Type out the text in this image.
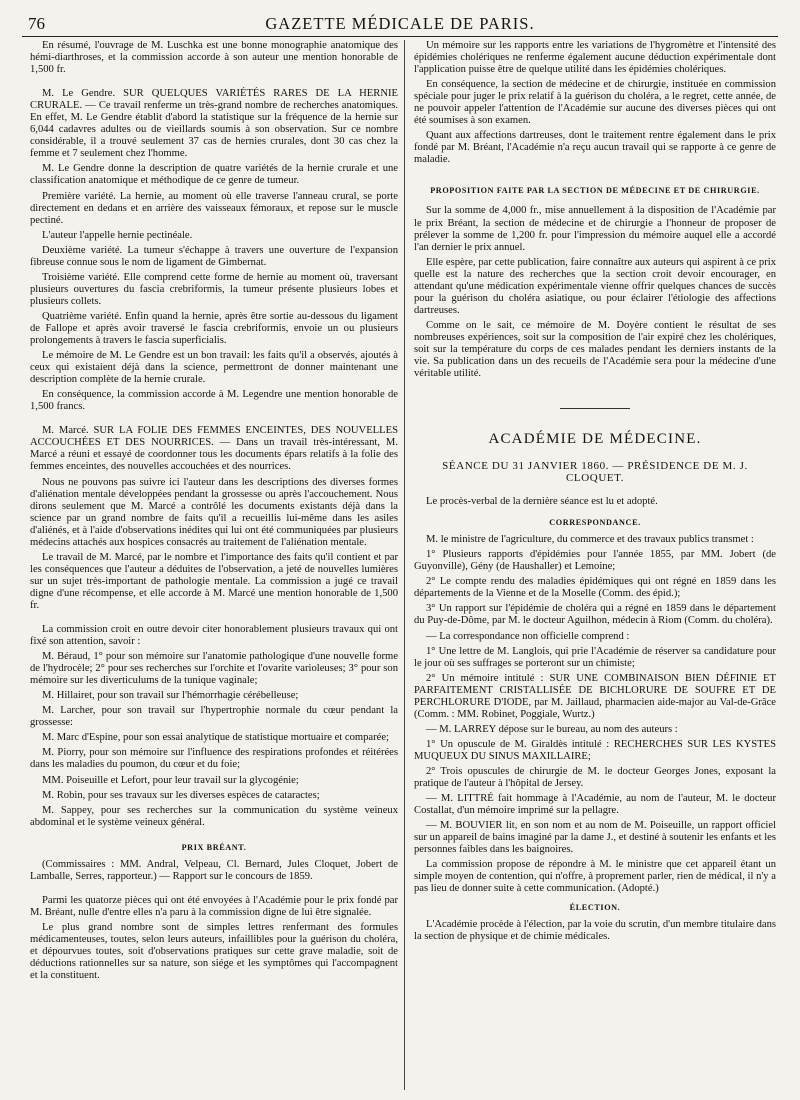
76	GAZETTE MÉDICALE DE PARIS.

En résumé, l'ouvrage de M. Luschka est une bonne monographie anatomique des hémi-diarthroses, et la commission accorde à son auteur une mention honorable de 1,500 fr.

M. Le Gendre. SUR QUELQUES VARIÉTÉS RARES DE LA HERNIE CRURALE. — Ce travail renferme un très-grand nombre de recherches anatomiques. En effet, M. Le Gendre établit d'abord la statistique sur la fréquence de la hernie sur 6,044 cadavres adultes ou de vieillards soumis à son observation. Sur ce nombre considérable, il a trouvé seulement 37 cas de hernies crurales, dont 30 cas chez la femme et 7 seulement chez l'homme.

M. Le Gendre donne la description de quatre variétés de la hernie crurale et une classification anatomique et méthodique de ce genre de tumeur.

Première variété. La hernie, au moment où elle traverse l'anneau crural, se porte directement en dedans et en arrière des vaisseaux fémoraux, et repose sur le muscle pectiné.

L'auteur l'appelle hernie pectinéale.

Deuxième variété. La tumeur s'échappe à travers une ouverture de l'expansion fibreuse connue sous le nom de ligament de Gimbernat.

Troisième variété. Elle comprend cette forme de hernie au moment où, traversant plusieurs ouvertures du fascia crebriformis, la tumeur présente plusieurs lobes et plusieurs collets.

Quatrième variété. Enfin quand la hernie, après être sortie au-dessous du ligament de Fallope et après avoir traversé le fascia crebriformis, envoie un ou plusieurs prolongements à travers le fascia superficialis.

Le mémoire de M. Le Gendre est un bon travail: les faits qu'il a observés, ajoutés à ceux qui existaient déjà dans la science, permettront de donner maintenant une description complète de la hernie crurale.

En conséquence, la commission accorde à M. Legendre une mention honorable de 1,500 francs.

M. Marcé. SUR LA FOLIE DES FEMMES ENCEINTES, DES NOUVELLES ACCOUCHÉES ET DES NOURRICES. — Dans un travail très-intéressant, M. Marcé a réuni et essayé de coordonner tous les documents épars relatifs à la folie des femmes enceintes, des nouvelles accouchées et des nourrices.

Nous ne pouvons pas suivre ici l'auteur dans les descriptions des diverses formes d'aliénation mentale développées pendant la grossesse ou après l'accouchement. Nous dirons seulement que M. Marcé a contrôlé les documents existants déjà dans la science par un grand nombre de faits qu'il a recueillis lui-même dans les asiles d'aliénés, et à l'aide d'observations inédites qui lui ont été communiquées par plusieurs médecins attachés aux hospices consacrés au traitement de l'aliénation mentale.

Le travail de M. Marcé, par le nombre et l'importance des faits qu'il contient et par les conséquences que l'auteur a déduites de l'observation, a jeté de nouvelles lumières sur un sujet très-important de pathologie mentale. La commission a jugé ce travail digne d'une récompense, et elle accorde à M. Marcé une mention honorable de 1,500 fr.

La commission croit en outre devoir citer honorablement plusieurs travaux qui ont fixé son attention, savoir :

M. Béraud, 1° pour son mémoire sur l'anatomie pathologique d'une nouvelle forme de l'hydrocèle; 2° pour ses recherches sur l'orchite et l'ovarite varioleuses; 3° pour son mémoire sur les diverticulums de la tunique vaginale;

M. Hillairet, pour son travail sur l'hémorrhagie cérébelleuse;

M. Larcher, pour son travail sur l'hypertrophie normale du cœur pendant la grossesse:

M. Marc d'Espine, pour son essai analytique de statistique mortuaire et comparée;

M. Piorry, pour son mémoire sur l'influence des respirations profondes et réitérées dans les maladies du poumon, du cœur et du foie;

MM. Poiseuille et Lefort, pour leur travail sur la glycogénie;

M. Robin, pour ses travaux sur les diverses espèces de cataractes;

M. Sappey, pour ses recherches sur la communication du système veineux abdominal et le système veineux général.

PRIX BRÉANT.

(Commissaires : MM. Andral, Velpeau, Cl. Bernard, Jules Cloquet, Jobert de Lamballe, Serres, rapporteur.) — Rapport sur le concours de 1859.

Parmi les quatorze pièces qui ont été envoyées à l'Académie pour le prix fondé par M. Bréant, nulle d'entre elles n'a paru à la commission digne de lui être signalée.

Le plus grand nombre sont de simples lettres renfermant des formules médicamenteuses, toutes, selon leurs auteurs, infaillibles pour la guérison du choléra, et dépourvues toutes, soit d'observations pratiques sur cette grave maladie, soit de déductions rationnelles sur sa nature, son siége et les symptômes qui l'accompagnent et la constituent.

Un mémoire sur les rapports entre les variations de l'hygromètre et l'intensité des épidémies cholériques ne renferme également aucune déduction expérimentale dont l'application puisse être de quelque utilité dans les épidémies cholériques.

En conséquence, la section de médecine et de chirurgie, instituée en commission spéciale pour juger le prix relatif à la guérison du choléra, a le regret, cette année, de ne pouvoir appeler l'attention de l'Académie sur aucune des diverses pièces qui ont été soumises à son examen.

Quant aux affections dartreuses, dont le traitement rentre également dans le prix fondé par M. Bréant, l'Académie n'a reçu aucun travail qui se rapporte à ce genre de maladie.

PROPOSITION FAITE PAR LA SECTION DE MÉDECINE ET DE CHIRURGIE.

Sur la somme de 4,000 fr., mise annuellement à la disposition de l'Académie par le prix Bréant, la section de médecine et de chirurgie a l'honneur de proposer de prélever la somme de 1,200 fr. pour l'impression du mémoire auquel elle a accordé l'an dernier le prix annuel.

Elle espère, par cette publication, faire connaître aux auteurs qui aspirent à ce prix quelle est la nature des recherches que la section croit devoir encourager, en attendant qu'une médication expérimentale vienne offrir quelques chances de succès pour la guérison du choléra asiatique, ou pour éclairer l'étiologie des affections dartreuses.

Comme on le sait, ce mémoire de M. Doyère contient le résultat de ses nombreuses expériences, soit sur la composition de l'air expiré chez les cholériques, soit sur la température du corps de ces malades pendant les derniers instants de la vie. Sa publication dans un des recueils de l'Académie sera pour la médecine d'une véritable utilité.

ACADÉMIE DE MÉDECINE.
SÉANCE DU 31 JANVIER 1860. — PRÉSIDENCE DE M. J. CLOQUET.

Le procès-verbal de la dernière séance est lu et adopté.

CORRESPONDANCE.

M. le ministre de l'agriculture, du commerce et des travaux publics transmet :

1° Plusieurs rapports d'épidémies pour l'année 1855, par MM. Jobert (de Guyonville), Gény (de Haushaller) et Lemoine;

2° Le compte rendu des maladies épidémiques qui ont régné en 1859 dans les départements de la Vienne et de la Moselle (Comm. des épid.);

3° Un rapport sur l'épidémie de choléra qui a régné en 1859 dans le département du Puy-de-Dôme, par M. le docteur Aguilhon, médecin à Riom (Comm. du choléra).

— La correspondance non officielle comprend :

1° Une lettre de M. Langlois, qui prie l'Académie de réserver sa candidature pour le jour où ses suffrages se porteront sur un chimiste;

2° Un mémoire intitulé : SUR UNE COMBINAISON BIEN DÉFINIE ET PARFAITEMENT CRISTALLISÉE DE BICHLORURE DE SOUFRE ET DE PERCHLORURE D'IODE, par M. Jaillaud, pharmacien aide-major au Val-de-Grâce (Comm. : MM. Robinet, Poggiale, Wurtz.)

— M. LARREY dépose sur le bureau, au nom des auteurs :

1° Un opuscule de M. Giraldès intitulé : RECHERCHES SUR LES KYSTES MUQUEUX DU SINUS MAXILLAIRE;

2° Trois opuscules de chirurgie de M. le docteur Georges Jones, exposant la pratique de l'auteur à l'hôpital de Jersey.

— M. LITTRÉ fait hommage à l'Académie, au nom de l'auteur, M. le docteur Costallat, d'un mémoire imprimé sur la pellagre.

— M. BOUVIER lit, en son nom et au nom de M. Poiseuille, un rapport officiel sur un appareil de bains imaginé par la dame J., et destiné à soutenir les enfants et les personnes faibles dans les baignoires.

La commission propose de répondre à M. le ministre que cet appareil étant un simple moyen de contention, qui n'offre, à proprement parler, rien de médical, il n'y a pas lieu de donner suite à cette communication. (Adopté.)

ÉLECTION.

L'Académie procède à l'élection, par la voie du scrutin, d'un membre titulaire dans la section de physique et de chimie médicales.
